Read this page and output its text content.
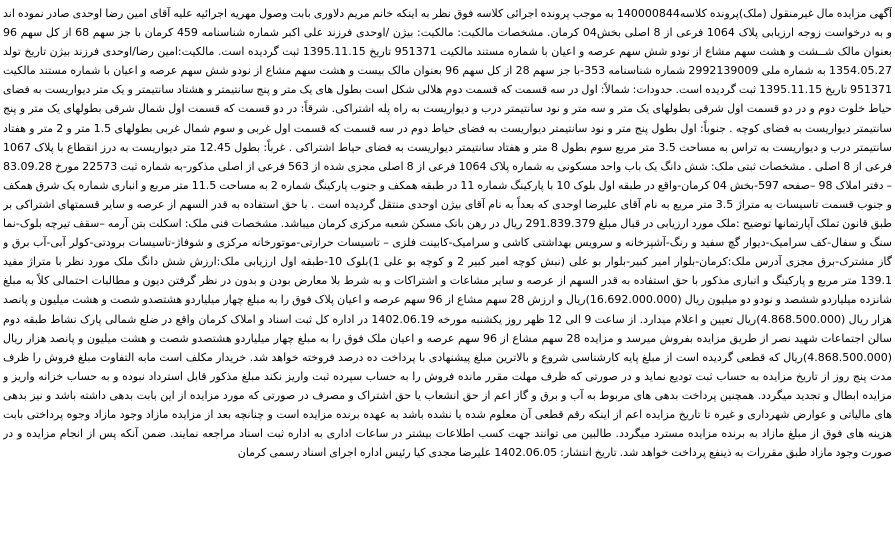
آگهی مزایده مال غیرمنقول (ملک)پرونده کلاسه140000844 به موجب پرونده اجرائی کلاسه فوق نظر به اینکه خانم مریم دلاوری بابت وصول مهریه اجرائیه علیه آقای امین رضا اوحدی صادر نموده اند و به درخواست زوجه ارزیابی پلاک 1064 فرعی از 8 اصلی بخش04 کرمان. مشخصات مالکیت: مالکیت: بیژن /اوحدی فرزند علی اکبر شماره شناسنامه 459 کرمان با جز سهم 68 از کل سهم 96 بعنوان مالک شــشت و هشت سهم مشاع از نودو شش سهم عرصه و اعیان با شماره مستند مالکیت 951371 تاریخ 1395.11.15 ثبت گردیده است. مالکیت:امین رضا/اوحدی فرزند بیژن تاریخ تولد 1354.05.27 به شماره ملی 2992139009 شماره شناسنامه 353-با جز سهم 28 از کل سهم 96 بعنوان مالک بیست و هشت سهم مشاع از نودو شش سهم عرصه و اعیان با شماره مستند مالکیت 951371 تاریخ 1395.11.15 ثبت گردیده است. حدودات: شمالاً: اول در سه قسمت که قسمت دوم هلالی شکل است بطول های یک متر و پنج سانتیمتر و هشتاد سانتیمتر و یک متر دیواریست به فضای حیاط خلوت دوم و در دو قسمت اول شرقی بطولهای یک متر و سه متر و نود سانتیمتر درب و دیواریست به راه پله اشتراکی. شرقاً: در دو قسمت که قسمت اول شمال شرقی بطولهای یک متر و پنج سانتیمتر دیواریست به فضای کوچه . جنوباً: اول بطول پنج متر و نود سانتیمتر دیواریست به فضای حیاط دوم در سه قسمت که قسمت اول غربی و سوم شمال غربی بطولهای 1.5 متر و 2 متر و هفتاد سانتیمتر درب و دیواریست به تراس به مساحت 3.5 متر مربع سوم بطول 8 متر و هفتاد سانتیمتر دیواریست به فضای حیاط اشتراکی . غرباً: بطول 12.45 متر دیواریست به درز انقطاع با پلاک 1067 فرعی از 8 اصلی . مشخصات ثبتی ملک: شش دانگ یک باب واحد مسکونی به شماره پلاک 1064 فرعی از 8 اصلی مجزی شده از 563 فرعی از اصلی مذکور-به شماره ثبت 22573 مورخ 83.09.28 – دفتر املاک 98 –صفحه 597-بخش 04 کرمان-واقع در طبقه اول بلوک 10 با پارکینگ شماره 11 در طبقه همکف و جنوب پارکینگ شماره 2 به مساحت 11.5 متر مربع و انباری شماره یک شرق همکف و جنوب قسمت تاسیسات به متراژ 3.5 متر مربع به نام آقای علیرضا اوحدی که بعداً به نام آقای بیژن اوحدی منتقل گردیده است . با حق استفاده به قدر السهم از عرصه و سایر قسمتهای اشتراکی بر طبق قانون تملک آپارتمانها توضیح :ملک مورد ارزیابی در قبال مبلغ 291.839.379 ریال در رهن بانک مسکن شعبه مرکزی کرمان میباشد. مشخصات فنی ملک: اسکلت بتن آرمه –سقف تیرچه بلوک-نما سنگ و سفال-کف سرامیک-دیوار گچ سفید و رنگ-آشپزخانه و سرویس بهداشتی کاشی و سرامیک-کابینت فلزی – تاسیسات حرارتی-موتورخانه مرکزی و شوفاژ-تاسیسات برودتی-کولر آبی-آب برق و گاز مشترک-برق مجزی آدرس ملک:کرمان-بلوار امیر کبیر-بلوار بو علی (نبش کوچه امیر کبیر 2 و کوچه بو علی 1)بلوک 10-طبقه اول ارزیابی ملک:ارزش شش دانگ ملک مورد نظر با متراژ مفید 139.1 متر مربع و پارکینگ و انباری مذکور با حق استفاده به قدر السهم از عرصه و سایر مشاعات و اشتراکات و به شرط بلا معارض بودن و بدون در نظر گرفتن دیون و مطالبات احتمالی کلاً به مبلغ شانزده میلیاردو ششصد و نودو دو میلیون ریال (16.692.000.000)ریال و ارزش 28 سهم مشاع از 96 سهم عرصه و اعیان پلاک فوق را به مبلغ چهار میلیاردو هشتصدو شصت و هشت میلیون و پانصد هزار ریال (4.868.500.000)ریال تعیین و اعلام میدارد. از ساعت 9 الی 12 ظهر روز یکشنبه مورخه 1402.06.19 در اداره کل ثبت اسناد و املاک کرمان واقع در ضلع شمالی پارک نشاط طبقه دوم سالن اجتماعات شهید نصر از طریق مزایده بفروش میرسد و مزایده 28 سهم مشاع از 96 سهم عرصه و اعیان ملک فوق را به مبلغ چهار میلیاردو هشتصدو شصت و هشت میلیون و پانصد هزار ریال (4.868.500.000)ریال که قطعی گردیده است از مبلغ پایه کارشناسی شروع و بالاترین مبلغ پیشنهادی با پرداخت ده درصد فروخته خواهد شد. خریدار مکلف است مابه التفاوت مبلغ فروش را ظرف مدت پنج روز از تاریخ مزایده به حساب ثبت تودیع نماید و در صورتی که ظرف مهلت مقرر مانده فروش را به حساب سپرده ثبت واریز نکند مبلغ مذکور قابل استرداد نبوده و به حساب خزانه واریز و مزایده ابطال و تجدید میگردد. همچنین پرداخت بدهی های مربوط به آب و برق و گاز اعم از حق انشعاب یا حق اشتراک و مصرف در صورتی که مورد مزایده از این بابت بدهی داشته باشد و نیز بدهی های مالیاتی و عوارض شهرداری و غیره تا تاریخ مزایده اعم از اینکه رقم قطعی آن معلوم شده یا نشده باشد به عهده برنده مزایده است و چنانچه بعد از مزایده مازاد وجود مازاد وجوه پرداختی بابت هزینه های فوق از مبلغ مازاد به برنده مزایده مسترد میگردد. طالبین می توانند جهت کسب اطلاعات بیشتر در ساعات اداری به اداره ثبت اسناد مراجعه نمایند. ضمن آنکه پس از انجام مزایده و در صورت وجود مازاد طبق مقررات به ذینفع پرداخت خواهد شد. تاریخ انتشار: 1402.06.05 علیرضا مجدی کیا رئیس اداره اجرای اسناد رسمی کرمان
